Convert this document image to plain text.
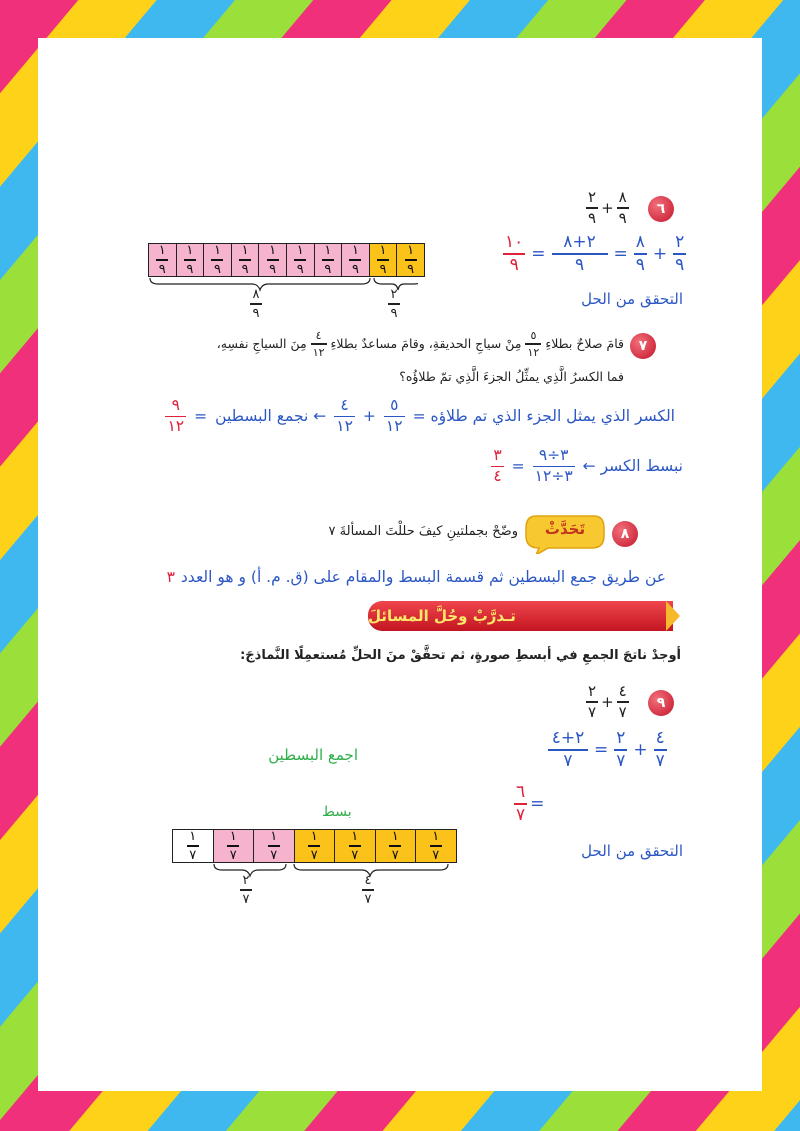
٦
$\frac{٢}{٩} + \frac{٨}{٩}$
$\frac{١}{٩} \frac{١}{٩} \frac{١}{٩} \frac{١}{٩} \frac{١}{٩} \frac{١}{٩} \frac{١}{٩} \frac{١}{٩} \frac{١}{٩} \frac{١}{٩}$
$\frac{٨}{٩}$	$\frac{٢}{٩}$
$\frac{١٠}{٩} = \frac{٢+٨}{٩} = \frac{٨}{٩} + \frac{٢}{٩}$
التحقق من الحل
٧
قامَ صلاحٌ بطلاءِ
$\frac{٥}{١٢}$
مِنْ سياجِ الحديقةِ، وقامَ مساعدٌ بطلاءِ
$\frac{٤}{١٢}$
مِنَ السياجِ نفسِهِ،
فما الكسرُ الَّذِي يمثِّلُ الجزءَ الَّذِي تمّ طلاؤُه؟
الكسر الذي يمثل الجزء الذي تم طلاؤه =
$\frac{٥}{١٢}$
+
$\frac{٤}{١٢}$
← نجمع البسطين
=
$\frac{٩}{١٢}$
نبسط الكسر ←
$\frac{٣\div ٩}{٣\div ١٢}$
=
$\frac{٣}{٤}$
٨
تَحَدَّثْ
وضّحْ بجملتينِ كيفَ حللْتَ المسألةَ ٧
عن طريق جمع البسطين ثم قسمة البسط والمقام على (ق. م. أ) و هو العدد
٣
تـدرَّبْ وحُلَّ المسائلَ
أوجدْ ناتجَ الجمعِ في أبسطِ صورةٍ، ثم تحقَّقْ منَ الحلِّ مُستعمِلًا النَّماذجَ:
٩
$\frac{٢}{٧} + \frac{٤}{٧}$
$\frac{٢+٤}{٧} = \frac{٢}{٧} + \frac{٤}{٧}$
اجمع البسطين
$\frac{٦}{٧}$ =
بسط
التحقق من الحل
$\frac{١}{٧} \frac{١}{٧} \frac{١}{٧} \frac{١}{٧} \frac{١}{٧} \frac{١}{٧} \frac{١}{٧}$
$\frac{٢}{٧}$	$\frac{٤}{٧}$
